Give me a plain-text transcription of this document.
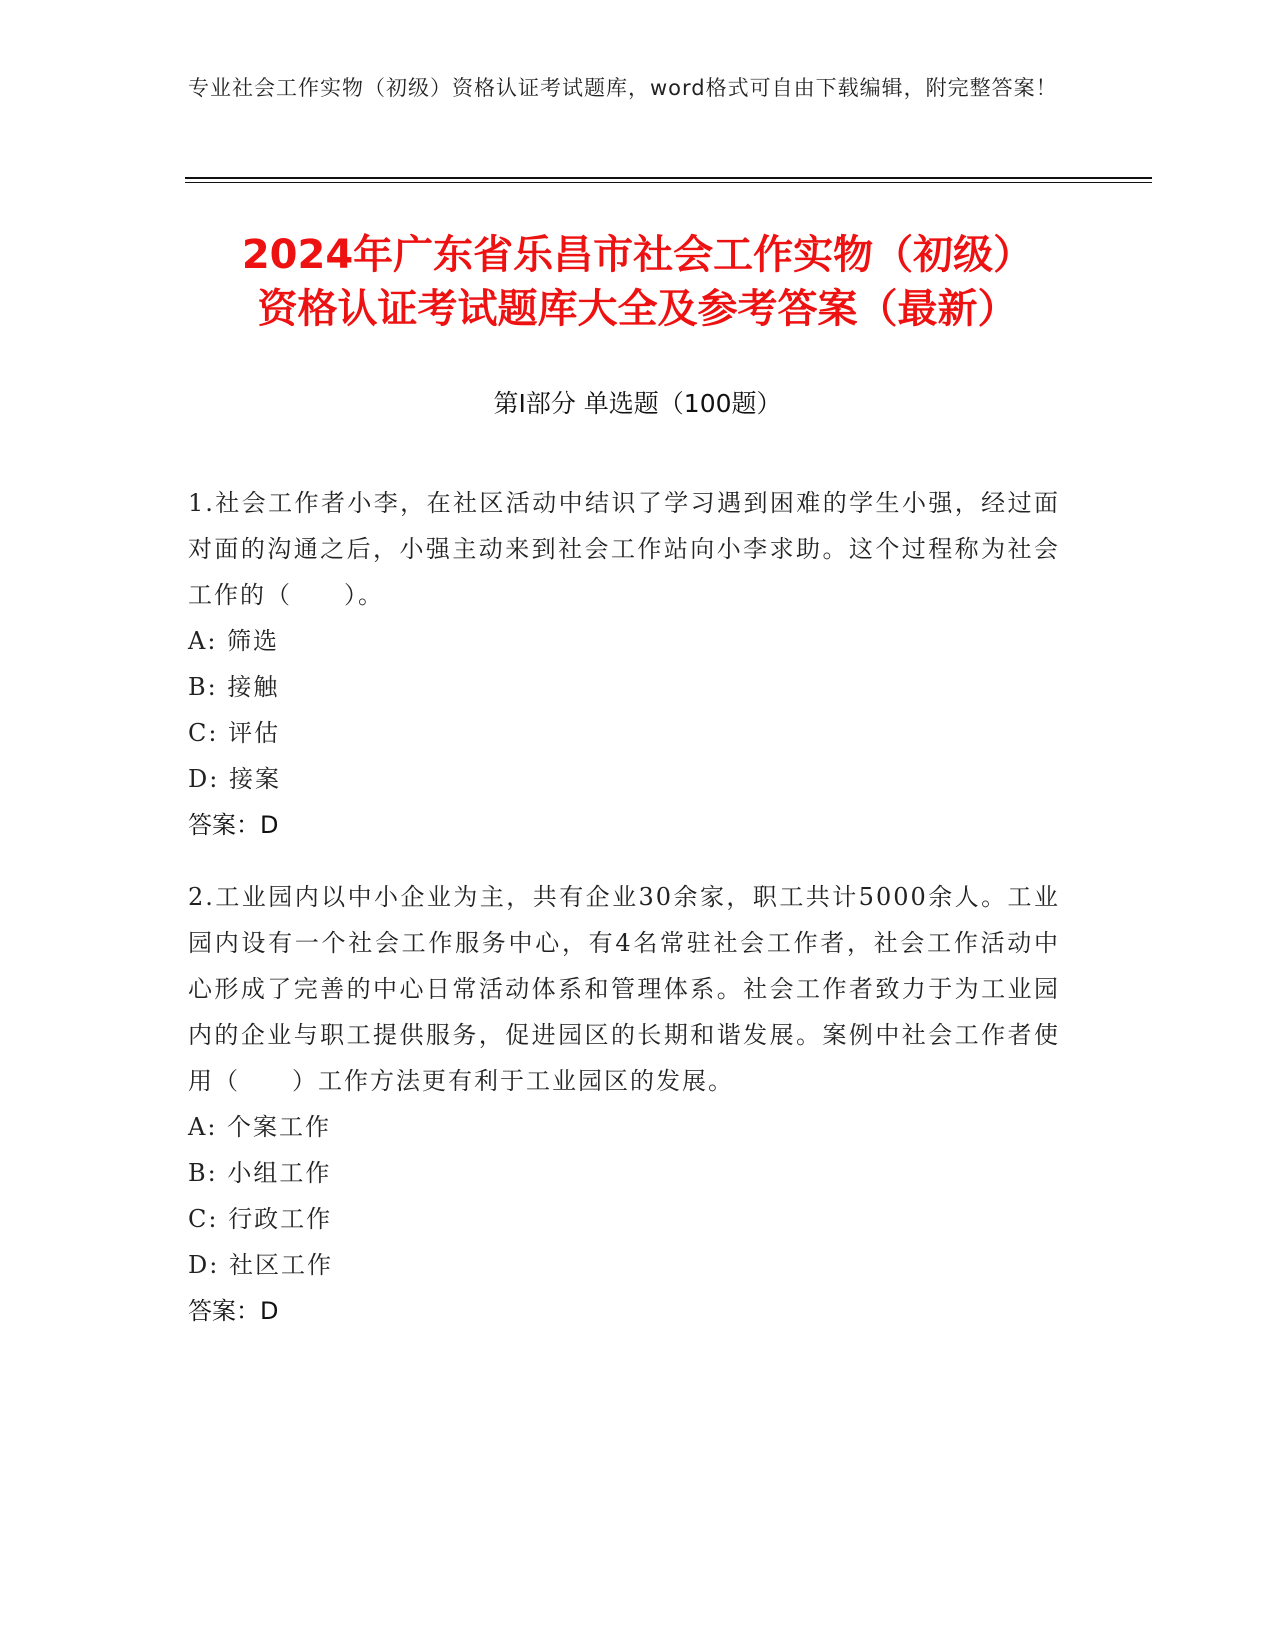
专业社会工作实物（初级）资格认证考试题库，word格式可自由下载编辑，附完整答案！
2024年广东省乐昌市社会工作实物（初级）
资格认证考试题库大全及参考答案（最新）
第Ⅰ部分 单选题（100题）

1.社会工作者小李，在社区活动中结识了学习遇到困难的学生小强，经过面对面的沟通之后，小强主动来到社会工作站向小李求助。这个过程称为社会工作的（　　）。

A: 筛选

B: 接触

C: 评估

D: 接案

答案：D

2.工业园内以中小企业为主，共有企业30余家，职工共计5000余人。工业园内设有一个社会工作服务中心，有4名常驻社会工作者，社会工作活动中心形成了完善的中心日常活动体系和管理体系。社会工作者致力于为工业园内的企业与职工提供服务，促进园区的长期和谐发展。案例中社会工作者使用（　　）工作方法更有利于工业园区的发展。

A: 个案工作

B: 小组工作

C: 行政工作

D: 社区工作

答案：D
